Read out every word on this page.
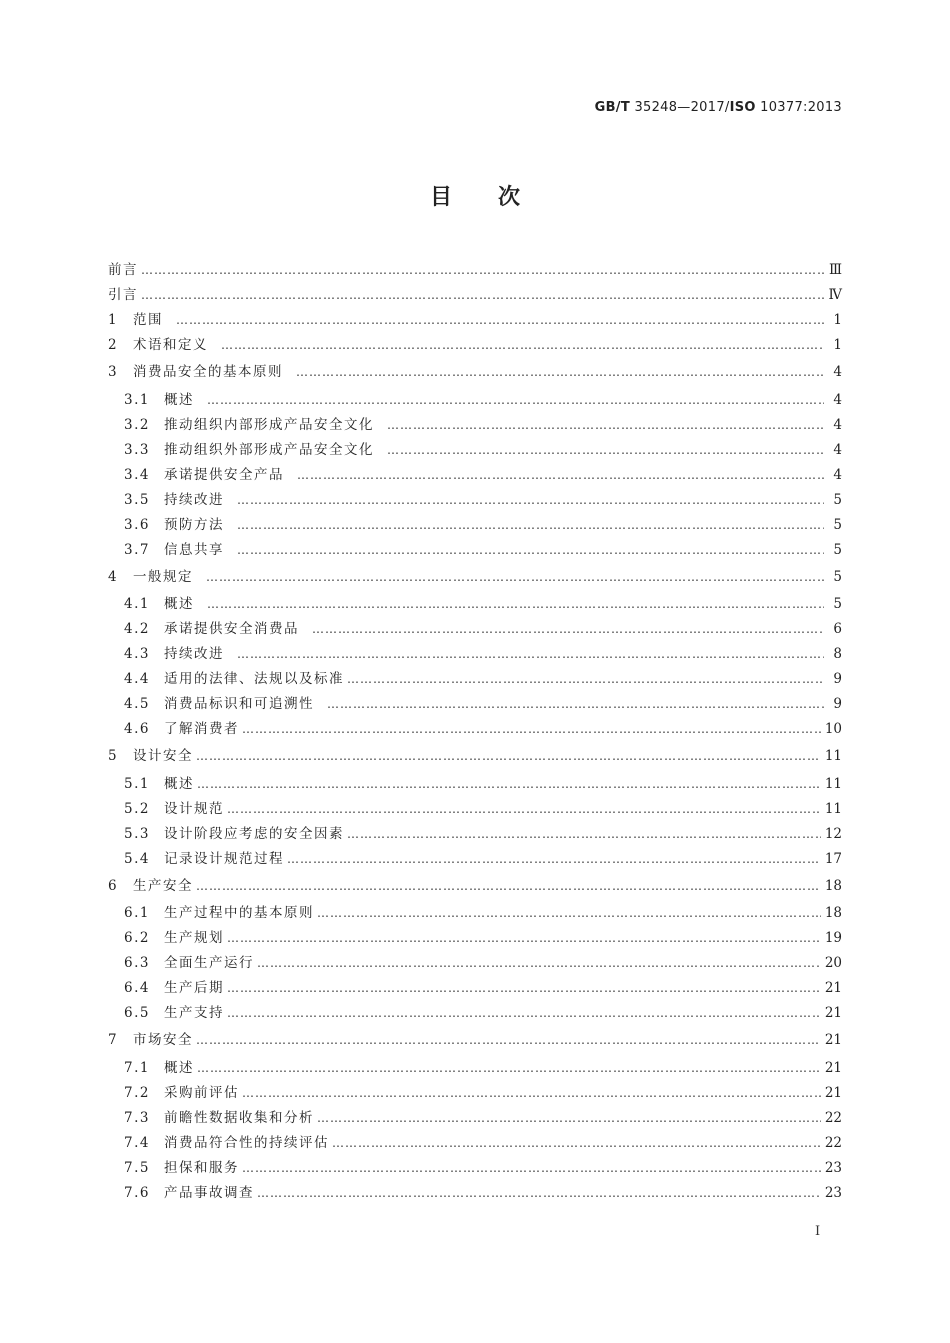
GB/T 35248—2017/ISO 10377:2013
目次
前言 ……………………………………………………………………………………………………………………………………………………………………………………………………………………………………	Ⅲ
引言 ……………………………………………………………………………………………………………………………………………………………………………………………………………………………………	Ⅳ
1	范围 ……………………………………………………………………………………………………………………………………………………………………………………………………………………………………	1
2	术语和定义 ……………………………………………………………………………………………………………………………………………………………………………………………………………………………………	1
3	消费品安全的基本原则 ……………………………………………………………………………………………………………………………………………………………………………………………………………………………………	4
3.1	概述 ……………………………………………………………………………………………………………………………………………………………………………………………………………………………………	4
3.2	推动组织内部形成产品安全文化 ……………………………………………………………………………………………………………………………………………………………………………………………………………………………………	4
3.3	推动组织外部形成产品安全文化 ……………………………………………………………………………………………………………………………………………………………………………………………………………………………………	4
3.4	承诺提供安全产品 ……………………………………………………………………………………………………………………………………………………………………………………………………………………………………	4
3.5	持续改进 ……………………………………………………………………………………………………………………………………………………………………………………………………………………………………	5
3.6	预防方法 ……………………………………………………………………………………………………………………………………………………………………………………………………………………………………	5
3.7	信息共享 ……………………………………………………………………………………………………………………………………………………………………………………………………………………………………	5
4	一般规定 ……………………………………………………………………………………………………………………………………………………………………………………………………………………………………	5
4.1	概述 ……………………………………………………………………………………………………………………………………………………………………………………………………………………………………	5
4.2	承诺提供安全消费品 ……………………………………………………………………………………………………………………………………………………………………………………………………………………………………	6
4.3	持续改进 ……………………………………………………………………………………………………………………………………………………………………………………………………………………………………	8
4.4	适用的法律、法规以及标准 ……………………………………………………………………………………………………………………………………………………………………………………………………………………………………	9
4.5	消费品标识和可追溯性 ……………………………………………………………………………………………………………………………………………………………………………………………………………………………………	9
4.6	了解消费者 ……………………………………………………………………………………………………………………………………………………………………………………………………………………………………	10
5	设计安全 ……………………………………………………………………………………………………………………………………………………………………………………………………………………………………	11
5.1	概述 ……………………………………………………………………………………………………………………………………………………………………………………………………………………………………	11
5.2	设计规范 ……………………………………………………………………………………………………………………………………………………………………………………………………………………………………	11
5.3	设计阶段应考虑的安全因素 ……………………………………………………………………………………………………………………………………………………………………………………………………………………………………	12
5.4	记录设计规范过程 ……………………………………………………………………………………………………………………………………………………………………………………………………………………………………	17
6	生产安全 ……………………………………………………………………………………………………………………………………………………………………………………………………………………………………	18
6.1	生产过程中的基本原则 ……………………………………………………………………………………………………………………………………………………………………………………………………………………………………	18
6.2	生产规划 ……………………………………………………………………………………………………………………………………………………………………………………………………………………………………	19
6.3	全面生产运行 ……………………………………………………………………………………………………………………………………………………………………………………………………………………………………	20
6.4	生产后期 ……………………………………………………………………………………………………………………………………………………………………………………………………………………………………	21
6.5	生产支持 ……………………………………………………………………………………………………………………………………………………………………………………………………………………………………	21
7	市场安全 ……………………………………………………………………………………………………………………………………………………………………………………………………………………………………	21
7.1	概述 ……………………………………………………………………………………………………………………………………………………………………………………………………………………………………	21
7.2	采购前评估 ……………………………………………………………………………………………………………………………………………………………………………………………………………………………………	21
7.3	前瞻性数据收集和分析 ……………………………………………………………………………………………………………………………………………………………………………………………………………………………………	22
7.4	消费品符合性的持续评估 ……………………………………………………………………………………………………………………………………………………………………………………………………………………………………	22
7.5	担保和服务 ……………………………………………………………………………………………………………………………………………………………………………………………………………………………………	23
7.6	产品事故调查 ……………………………………………………………………………………………………………………………………………………………………………………………………………………………………	23
Ⅰ
